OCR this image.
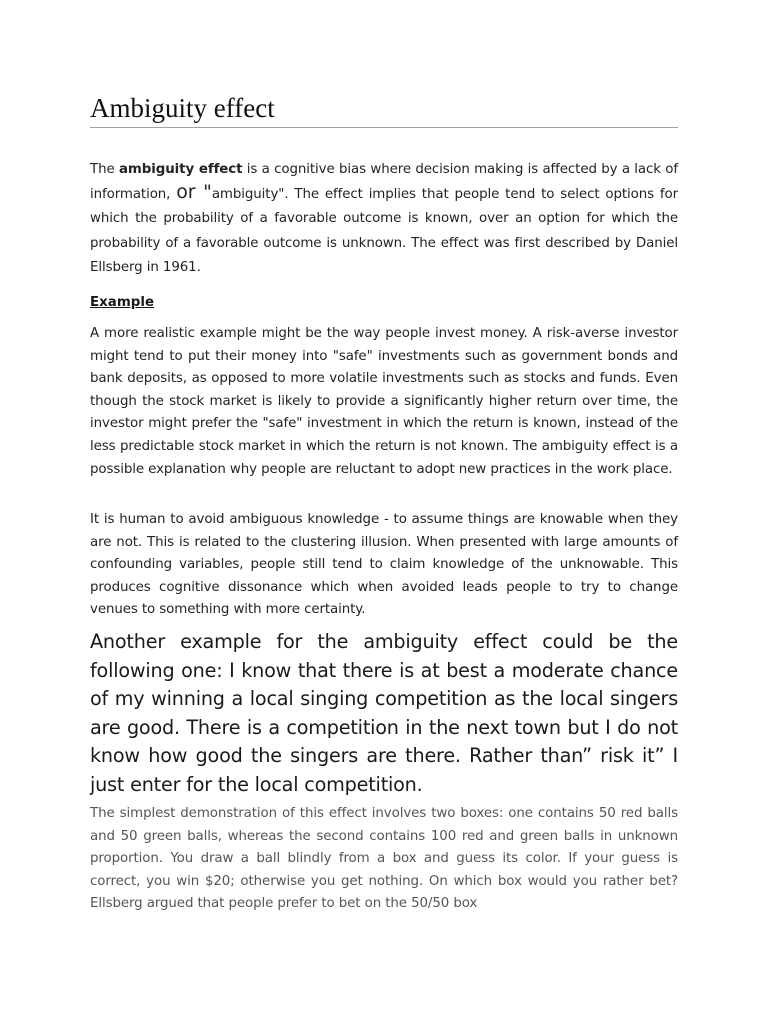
Ambiguity effect

The ambiguity effect is a cognitive bias where decision making is affected by a lack of information, or "ambiguity". The effect implies that people tend to select options for which the probability of a favorable outcome is known, over an option for which the probability of a favorable outcome is unknown. The effect was first described by Daniel Ellsberg in 1961.

Example

A more realistic example might be the way people invest money. A risk-averse investor might tend to put their money into "safe" investments such as government bonds and bank deposits, as opposed to more volatile investments such as stocks and funds. Even though the stock market is likely to provide a significantly higher return over time, the investor might prefer the "safe" investment in which the return is known, instead of the less predictable stock market in which the return is not known. The ambiguity effect is a possible explanation why people are reluctant to adopt new practices in the work place.

It is human to avoid ambiguous knowledge - to assume things are knowable when they are not. This is related to the clustering illusion. When presented with large amounts of confounding variables, people still tend to claim knowledge of the unknowable. This produces cognitive dissonance which when avoided leads people to try to change venues to something with more certainty.

Another example for the ambiguity effect could be the following one: I know that there is at best a moderate chance of my winning a local singing competition as the local singers are good. There is a competition in the next town but I do not know how good the singers are there. Rather than” risk it” I just enter for the local competition.

The simplest demonstration of this effect involves two boxes: one contains 50 red balls and 50 green balls, whereas the second contains 100 red and green balls in unknown proportion. You draw a ball blindly from a box and guess its color. If your guess is correct, you win $20; otherwise you get nothing. On which box would you rather bet? Ellsberg argued that people prefer to bet on the 50/50 box
